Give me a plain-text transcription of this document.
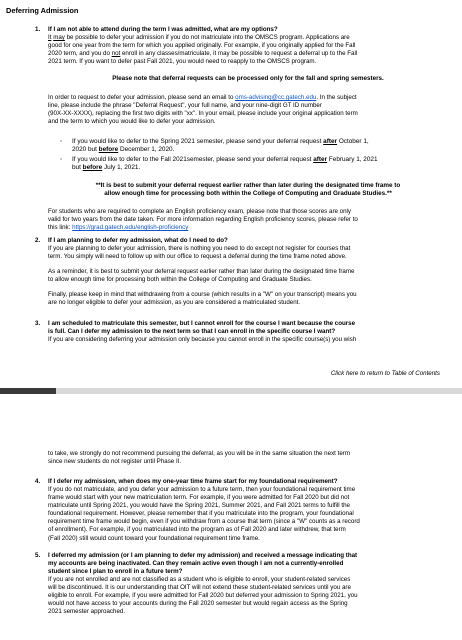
Deferring Admission
1. If I am not able to attend during the term I was admitted, what are my options?
It may be possible to defer your admission if you do not matriculate into the OMSCS program. Applications are
good for one year from the term for which you applied originally. For example, if you originally applied for the Fall
2020 term, and you do not enroll in any classes/matriculate, it may be possible to request a deferral up to the Fall
2021 term. If you want to defer past Fall 2021, you would need to reapply to the OMSCS program.
Please note that deferral requests can be processed only for the fall and spring semesters.
In order to request to defer your admission, please send an email to oms-advising@cc.gatech.edu. In the subject
line, please include the phrase "Deferral Request", your full name, and your nine-digit GT ID number
(90X-XX-XXXX), replacing the first two digits with "xx". In your email, please include your original application term
and the term to which you would like to defer your admission.
◦ If you would like to defer to the Spring 2021 semester, please send your deferral request after October 1,
2020 but before December 1, 2020.
◦ If you would like to defer to the Fall 2021semester, please send your deferral request after February 1, 2021
but before July 1, 2021.
**It is best to submit your deferral request earlier rather than later during the designated time frame to
allow enough time for processing both within the College of Computing and Graduate Studies.**
For students who are required to complete an English proficiency exam, please note that those scores are only
valid for two years from the date taken. For more information regarding English proficiency scores, please refer to
this link: https://grad.gatech.edu/english-proficiency
2. If I am planning to defer my admission, what do I need to do?
If you are planning to defer your admission, there is nothing you need to do except not register for courses that
term. You simply will need to follow up with our office to request a deferral during the time frame noted above.
As a reminder, it is best to submit your deferral request earlier rather than later during the designated time frame
to allow enough time for processing both within the College of Computing and Graduate Studies.
Finally, please keep in mind that withdrawing from a course (which results in a "W" on your transcript) means you
are no longer eligible to defer your admission, as you are considered a matriculated student.
3. I am scheduled to matriculate this semester, but I cannot enroll for the course I want because the course
is full. Can I defer my admission to the next term so that I can enroll in the specific course I want?
If you are considering deferring your admission only because you cannot enroll in the specific course(s) you wish
Click here to return to Table of Contents
to take, we strongly do not recommend pursuing the deferral, as you will be in the same situation the next term
since new students do not register until Phase II.
4. If I defer my admission, when does my one-year time frame start for my foundational requirement?
If you do not matriculate, and you defer your admission to a future term, then your foundational requirement time
frame would start with your new matriculation term. For example, if you were admitted for Fall 2020 but did not
matriculate until Spring 2021, you would have the Spring 2021, Summer 2021, and Fall 2021 terms to fulfill the
foundational requirement. However, please remember that if you matriculate into the program, your foundational
requirement time frame would begin, even if you withdraw from a course that term (since a "W" counts as a record
of enrollment). For example, if you matriculated into the program as of Fall 2020 and later withdrew, that term
(Fall 2020) still would count toward your foundational requirement time frame.
5. I deferred my admission (or I am planning to defer my admission) and received a message indicating that
my accounts are being inactivated. Can they remain active even though I am not a currently-enrolled
student since I plan to enroll in a future term?
If you are not enrolled and are not classified as a student who is eligible to enroll, your student-related services
will be discontinued. It is our understanding that OIT will not extend these student-related services until you are
eligible to enroll. For example, if you were admitted for Fall 2020 but deferred your admission to Spring 2021, you
would not have access to your accounts during the Fall 2020 semester but would regain access as the Spring
2021 semester approached.
